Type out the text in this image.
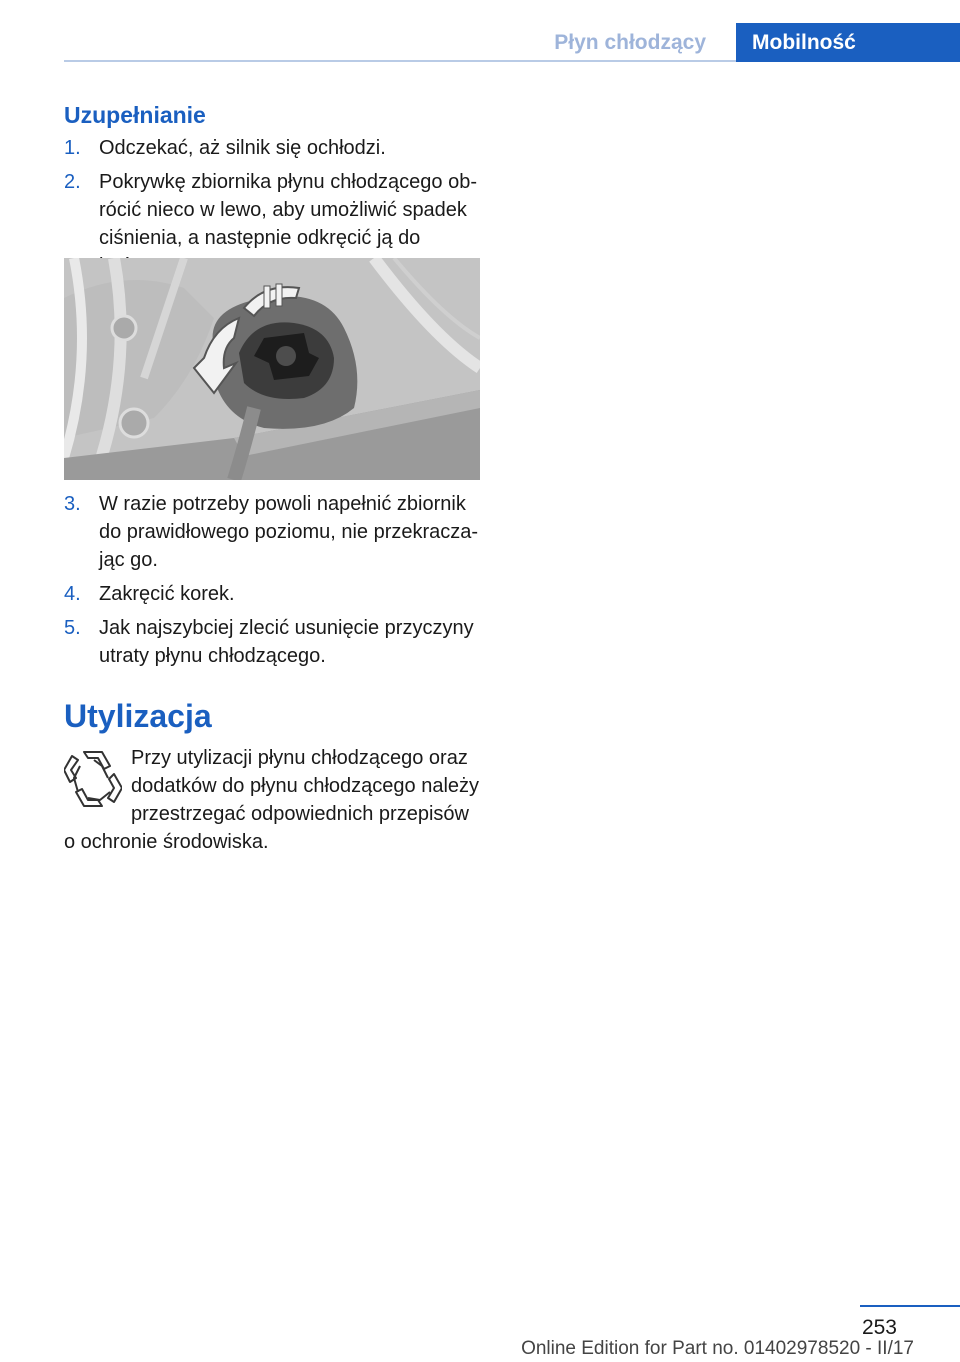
Płyn chłodzący	Mobilność
Uzupełnianie
1. Odczekać, aż silnik się ochłodzi.
2. Pokrywkę zbiornika płynu chłodzącego ob- rócić nieco w lewo, aby umożliwić spadek ciśnienia, a następnie odkręcić ją do
3. W razie potrzeby powoli napełnić zbiornik do prawidłowego poziomu, nie przekracza- jąc go.
4. Zakręcić korek.
5. Jak najszybciej zlecić usunięcie przyczyny utraty płynu chłodzącego.
Utylizacja
Przy utylizacji płynu chłodzącego oraz dodatków do płynu chłodzącego należy przestrzegać odpowiednich przepisów o ochronie środowiska.
253
Online Edition for Part no. 01402978520 - II/17
